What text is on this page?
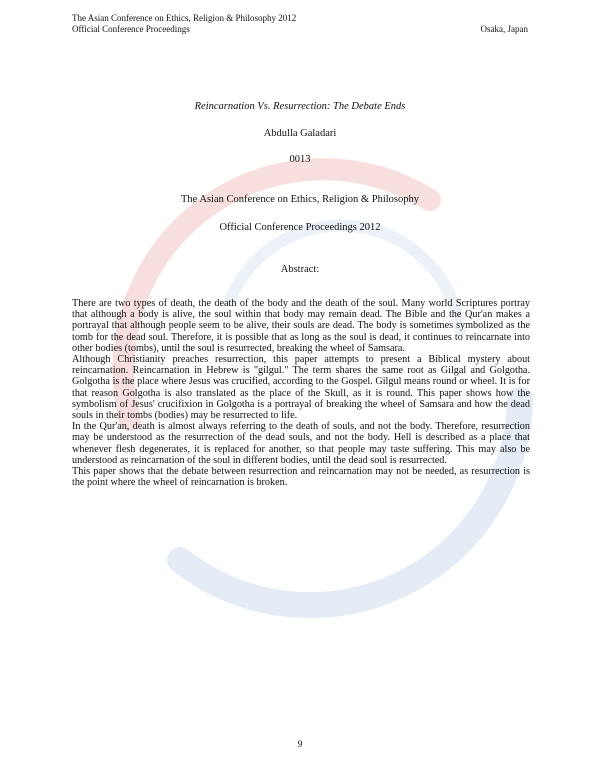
The Asian Conference on Ethics, Religion & Philosophy 2012
Official Conference Proceedings	Osaka, Japan
Reincarnation Vs. Resurrection: The Debate Ends
Abdulla Galadari
0013
The Asian Conference on Ethics, Religion & Philosophy
Official Conference Proceedings 2012
Abstract:

There are two types of death, the death of the body and the death of the soul. Many world Scriptures portray that although a body is alive, the soul within that body may remain dead. The Bible and the Qur'an makes a portrayal that although people seem to be alive, their souls are dead. The body is sometimes symbolized as the tomb for the dead soul. Therefore, it is possible that as long as the soul is dead, it continues to reincarnate into other bodies (tombs), until the soul is resurrected, breaking the wheel of Samsara.

Although Christianity preaches resurrection, this paper attempts to present a Biblical mystery about reincarnation. Reincarnation in Hebrew is "gilgul." The term shares the same root as Gilgal and Golgotha. Golgotha is the place where Jesus was crucified, according to the Gospel. Gilgul means round or wheel. It is for that reason Golgotha is also translated as the place of the Skull, as it is round. This paper shows how the symbolism of Jesus' crucifixion in Golgotha is a portrayal of breaking the wheel of Samsara and how the dead souls in their tombs (bodies) may be resurrected to life.

In the Qur'an, death is almost always referring to the death of souls, and not the body. Therefore, resurrection may be understood as the resurrection of the dead souls, and not the body. Hell is described as a place that whenever flesh degenerates, it is replaced for another, so that people may taste suffering. This may also be understood as reincarnation of the soul in different bodies, until the dead soul is resurrected.

This paper shows that the debate between resurrection and reincarnation may not be needed, as resurrection is the point where the wheel of reincarnation is broken.

9
